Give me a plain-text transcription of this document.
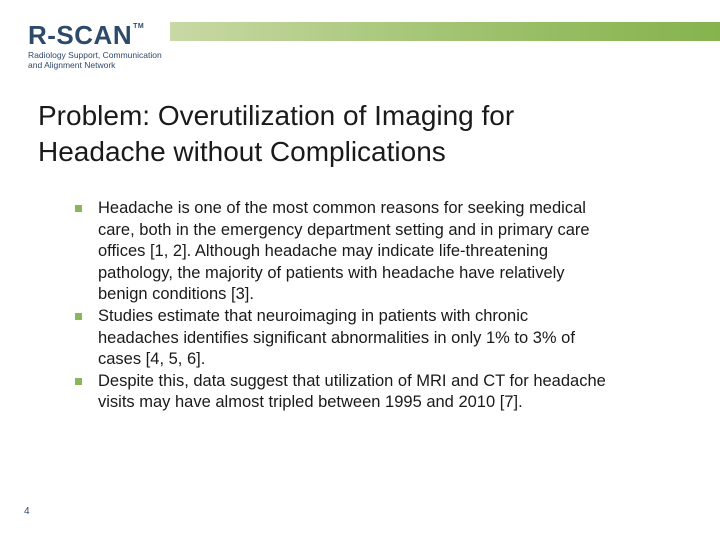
R-SCAN TM
Radiology Support, Communication
and Alignment Network
Problem: Overutilization of Imaging for
Headache without Complications
Headache is one of the most common reasons for seeking medical
care, both in the emergency department setting and in primary care
offices [1, 2]. Although headache may indicate life-threatening
pathology, the majority of patients with headache have relatively
benign conditions [3].
Studies estimate that neuroimaging in patients with chronic
headaches identifies significant abnormalities in only 1% to 3% of
cases [4, 5, 6].
Despite this, data suggest that utilization of MRI and CT for headache
visits may have almost tripled between 1995 and 2010 [7].
4
